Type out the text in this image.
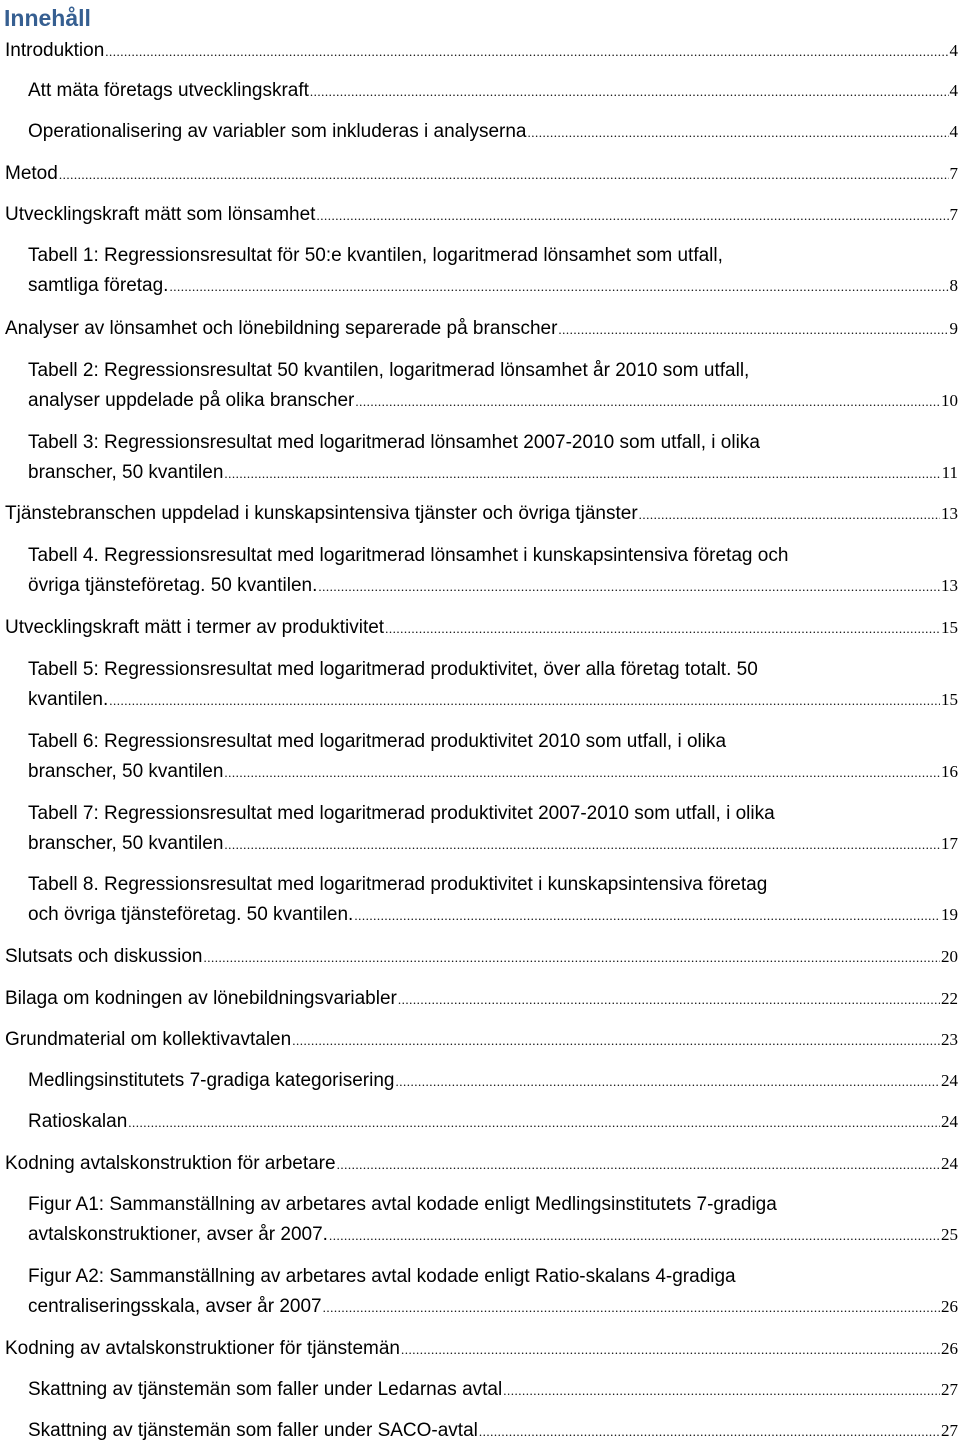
Innehåll
Introduktion .....	4
Att mäta företags utvecklingskraft .....	4
Operationalisering av variabler som inkluderas i analyserna .....	4
Metod .....	7
Utvecklingskraft mätt som lönsamhet .....	7
Tabell 1: Regressionsresultat för 50:e kvantilen, logaritmerad lönsamhet som utfall,
samtliga företag. .....	8
Analyser av lönsamhet och lönebildning separerade på branscher .....	9
Tabell 2: Regressionsresultat 50 kvantilen, logaritmerad lönsamhet år 2010 som utfall,
analyser uppdelade på olika branscher .....	10
Tabell 3: Regressionsresultat med logaritmerad lönsamhet 2007-2010 som utfall, i olika
branscher, 50 kvantilen .....	11
Tjänstebranschen uppdelad i kunskapsintensiva tjänster och övriga tjänster .....	13
Tabell 4. Regressionsresultat med logaritmerad lönsamhet i kunskapsintensiva företag och
övriga tjänsteföretag. 50 kvantilen. .....	13
Utvecklingskraft mätt i termer av produktivitet .....	15
Tabell 5: Regressionsresultat med logaritmerad produktivitet, över alla företag totalt. 50
kvantilen. .....	15
Tabell 6: Regressionsresultat med logaritmerad produktivitet 2010 som utfall, i olika
branscher, 50 kvantilen .....	16
Tabell 7: Regressionsresultat med logaritmerad produktivitet 2007-2010 som utfall, i olika
branscher, 50 kvantilen .....	17
Tabell 8. Regressionsresultat med logaritmerad produktivitet i kunskapsintensiva företag
och övriga tjänsteföretag. 50 kvantilen. .....	19
Slutsats och diskussion .....	20
Bilaga om kodningen av lönebildningsvariabler .....	22
Grundmaterial om kollektivavtalen .....	23
Medlingsinstitutets 7-gradiga kategorisering .....	24
Ratioskalan .....	24
Kodning avtalskonstruktion för arbetare .....	24
Figur A1: Sammanställning av arbetares avtal kodade enligt Medlingsinstitutets 7-gradiga
avtalskonstruktioner, avser år 2007. .....	25
Figur A2: Sammanställning av arbetares avtal kodade enligt Ratio-skalans 4-gradiga
centraliseringsskala, avser år 2007 .....	26
Kodning av avtalskonstruktioner för tjänstemän .....	26
Skattning av tjänstemän som faller under Ledarnas avtal .....	27
Skattning av tjänstemän som faller under SACO-avtal .....	27
